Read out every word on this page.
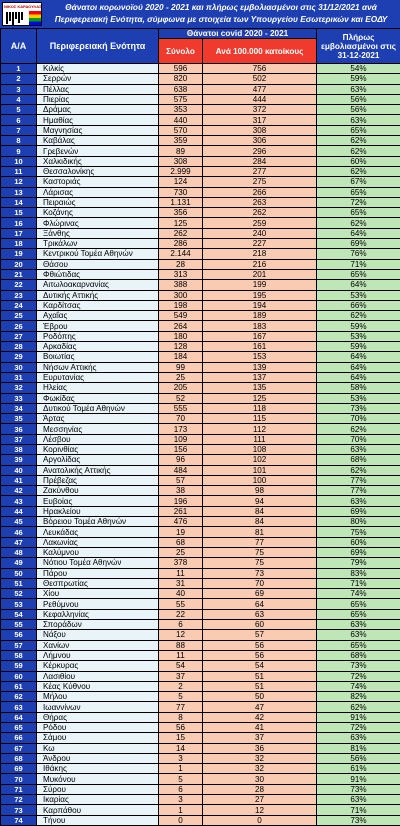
ΝΙΚΟΣ ΚΑΡΔΟΥΛΑΣ	Θάνατοι κορωνοϊού 2020 - 2021 και πλήρως εμβολιασμένοι στις 31/12/2021 ανά
Περιφερειακή Ενότητα, σύμφωνα με στοιχεία των Υπουργείου Εσωτερικών και ΕΟΔΥ
Α/Α	Περιφερειακή Ενότητα	Θάνατοι covid 2020 - 2021		Πλήρως εμβολιασμένοι στις 31-12-2021
		Σύνολο	Ανά 100.000 κατοίκους	
1	Κιλκίς	596	756	54%
2	Σερρών	820	502	59%
3	Πέλλας	638	477	63%
4	Πιερίας	575	444	56%
5	Δράμας	353	372	56%
6	Ημαθίας	440	317	63%
7	Μαγνησίας	570	308	65%
8	Καβάλας	359	306	62%
9	Γρεβενών	89	296	62%
10	Χαλκιδικής	308	284	60%
11	Θεσσαλονίκης	2.999	277	62%
12	Καστοριάς	124	275	67%
13	Λάρισας	730	266	65%
14	Πειραιώς	1.131	263	72%
15	Κοζάνης	356	262	65%
16	Φλώρινας	125	259	62%
17	Ξάνθης	262	240	64%
18	Τρικάλων	286	227	69%
19	Κεντρικού Τομέα Αθηνών	2.144	218	76%
20	Θάσου	28	216	71%
21	Φθιώτιδας	313	201	65%
22	Αιτωλοακαρνανίας	388	199	64%
23	Δυτικής Αττικής	300	195	53%
24	Καρδίτσας	198	194	66%
25	Αχαΐας	549	189	62%
26	Έβρου	264	183	59%
27	Ροδόπης	180	167	53%
28	Αρκαδίας	128	161	59%
29	Βοιωτίας	184	153	64%
30	Νήσων Αττικής	99	139	64%
31	Ευρυτανίας	25	137	64%
32	Ηλείας	205	135	58%
33	Φωκίδας	52	125	53%
34	Δυτικού Τομέα Αθηνών	555	118	73%
35	Άρτας	70	115	70%
36	Μεσσηνίας	173	112	62%
37	Λέσβου	109	111	70%
38	Κορινθίας	156	108	63%
39	Αργολίδας	96	102	68%
40	Ανατολικής Αττικής	484	101	62%
41	Πρέβεζας	57	100	77%
42	Ζακύνθου	38	98	77%
43	Ευβοίας	196	94	63%
44	Ηρακλείου	261	84	69%
45	Βόρειου Τομέα Αθηνών	476	84	80%
46	Λευκάδας	19	81	75%
47	Λακωνίας	68	77	60%
48	Καλύμνου	25	75	69%
49	Νότιου Τομέα Αθηνών	378	75	79%
50	Πάρου	11	73	83%
51	Θεσπρωτίας	31	70	71%
52	Χίου	40	69	74%
53	Ρεθύμνου	55	64	65%
54	Κεφαλληνίας	22	63	65%
55	Σποράδων	6	60	63%
56	Νάξου	12	57	63%
57	Χανίων	88	56	65%
58	Λήμνου	11	56	68%
59	Κέρκυρας	54	54	73%
60	Λασιθίου	37	51	72%
61	Κέας Κύθνου	2	51	74%
62	Μήλου	5	50	82%
63	Ιωαννίνων	77	47	62%
64	Θήρας	8	42	91%
65	Ρόδου	56	41	72%
66	Σάμου	15	37	63%
67	Κω	14	36	81%
68	Άνδρου	3	32	56%
69	Ιθάκης	1	32	61%
70	Μυκόνου	5	30	91%
71	Σύρου	6	28	73%
72	Ικαρίας	3	27	63%
73	Καρπάθου	1	12	71%
74	Τήνου	0	0	73%
